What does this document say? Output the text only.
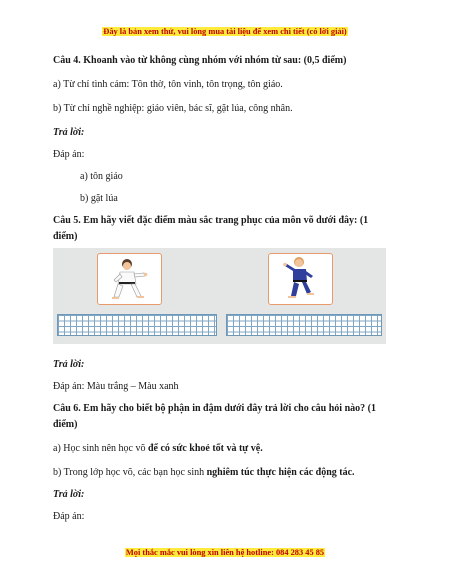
Đây là bản xem thử, vui lòng mua tài liệu để xem chi tiết (có lời giải)
Câu 4. Khoanh vào từ không cùng nhóm với nhóm từ sau: (0,5 điểm)
a) Từ chỉ tình cảm: Tôn thờ, tôn vinh, tôn trọng, tôn giáo.
b) Từ chỉ nghề nghiệp: giáo viên, bác sĩ, gặt lúa, công nhân.
Trả lời:
Đáp án:
a) tôn giáo
b) gặt lúa
Câu 5. Em hãy viết đặc điểm màu sắc trang phục của môn võ dưới đây: (1
điểm)
Trả lời:
Đáp án: Màu trắng – Màu xanh
Câu 6. Em hãy cho biết bộ phận in đậm dưới đây trả lời cho câu hỏi nào? (1
điểm)
a) Học sinh nên học võ để có sức khoẻ tốt và tự vệ.
b) Trong lớp học võ, các bạn học sinh nghiêm túc thực hiện các động tác.
Trả lời:
Đáp án:
Mọi thắc mắc vui lòng xin liên hệ hotline: 084 283 45 85
